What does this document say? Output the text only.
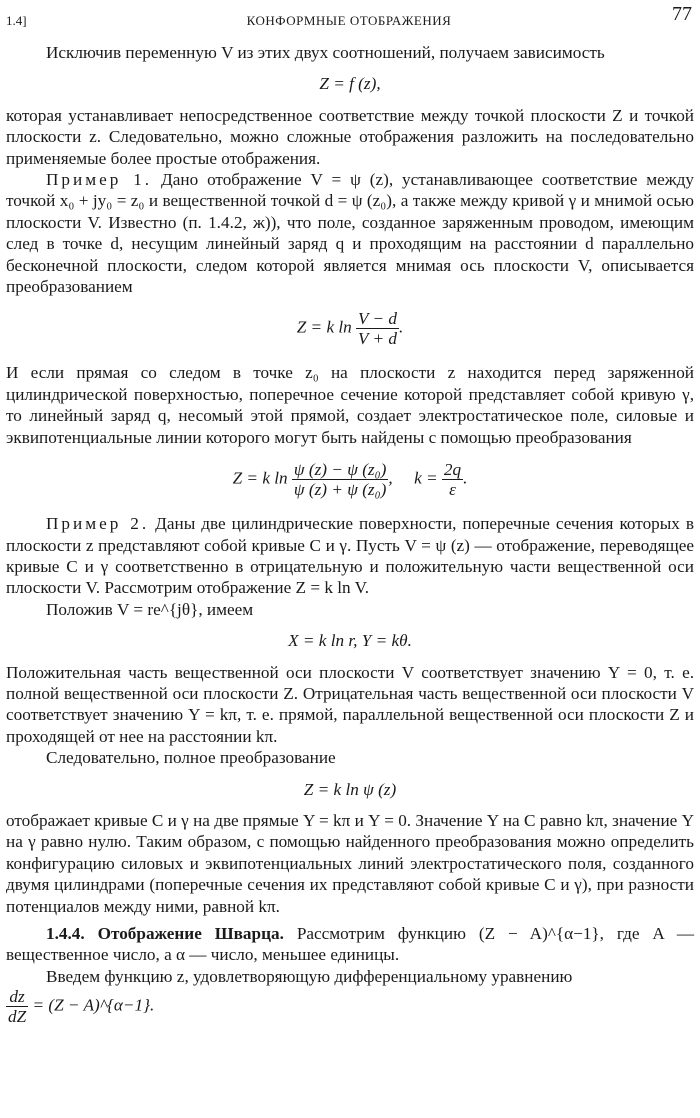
1.4]	КОНФОРМНЫЕ ОТОБРАЖЕНИЯ	77

Исключив переменную V из этих двух соотношений, получаем зависимость

Z = f (z),

которая устанавливает непосредственное соответствие между точкой плоскости Z и точкой плоскости z. Следовательно, можно сложные отображения разложить на последовательно применяемые более простые отображения.

Пример 1. Дано отображение V = ψ (z), устанавливающее соответствие между точкой x₀ + jy₀ = z₀ и вещественной точкой d = ψ (z₀), а также между кривой γ и мнимой осью плоскости V. Известно (п. 1.4.2, ж)), что поле, созданное заряженным проводом, имеющим след в точке d, несущим линейный заряд q и проходящим на расстоянии d параллельно бесконечной плоскости, следом которой является мнимая ось плоскости V, описывается преобразованием

Z = k $\ln \frac{V - d}{V + d}$ .

И если прямая со следом в точке z₀ на плоскости z находится перед заряженной цилиндрической поверхностью, поперечное сечение которой представляет собой кривую γ, то линейный заряд q, несомый этой прямой, создает электростатическое поле, силовые и эквипотенциальные линии которого могут быть найдены с помощью преобразования

Z = k $\ln \frac{\text{ψ (z) − ψ (z₀)}}{\text{ψ (z) + ψ (z₀)}}$ , $k = \frac{2q}{\varepsilon}$ .

Пример 2. Даны две цилиндрические поверхности, поперечные сечения которых в плоскости z представляют собой кривые C и γ. Пусть V = ψ (z) — отображение, переводящее кривые C и γ соответственно в отрицательную и положительную части вещественной оси плоскости V. Рассмотрим отображение Z = k ln V.

Положив V = re^{jθ}, имеем

X = k ln r, Y = kθ.

Положительная часть вещественной оси плоскости V соответствует значению Y = 0, т. е. полной вещественной оси плоскости Z. Отрицательная часть вещественной оси плоскости V соответствует значению Y = kπ, т. е. прямой, параллельной вещественной оси плоскости Z и проходящей от нее на расстоянии kπ.

Следовательно, полное преобразование

Z = k ln ψ (z)

отображает кривые C и γ на две прямые Y = kπ и Y = 0. Значение Y на C равно kπ, значение Y на γ равно нулю. Таким образом, с помощью найденного преобразования можно определить конфигурацию силовых и эквипотенциальных линий электростатического поля, созданного двумя цилиндрами (поперечные сечения их представляют собой кривые C и γ), при разности потенциалов между ними, равной kπ.

1.4.4. Отображение Шварца. Рассмотрим функцию (Z − A)^{α−1}, где A — вещественное число, а α — число, меньшее единицы.

Введем функцию z, удовлетворяющую дифференциальному уравнению

$\frac{dz}{dZ} = (Z$ − A)^{α−1}.
